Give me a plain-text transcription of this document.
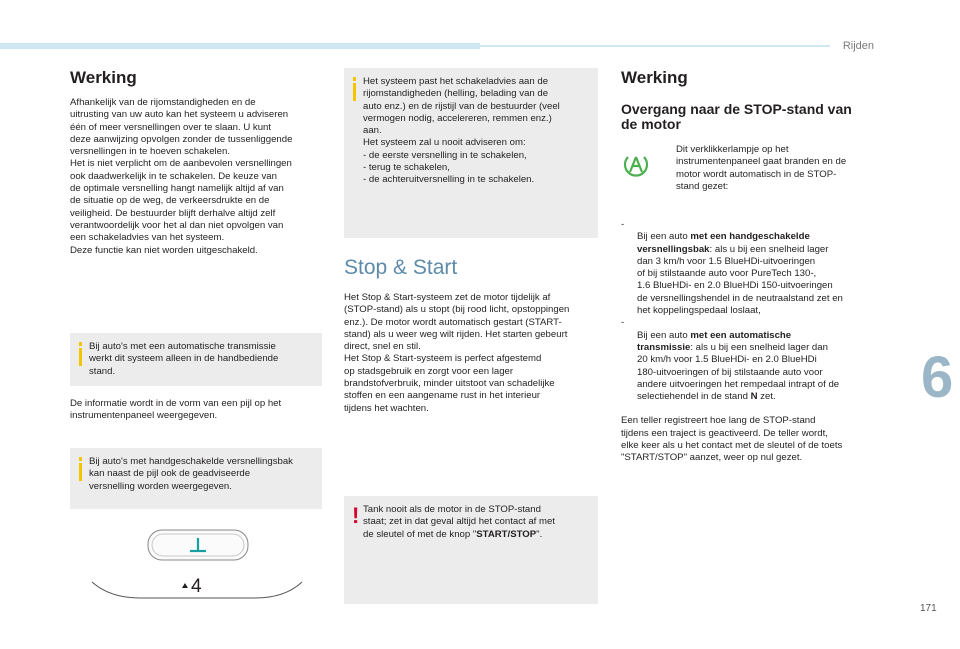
Rijden
6
171
Werking

Afhankelijk van de rijomstandigheden en de
uitrusting van uw auto kan het systeem u adviseren
één of meer versnellingen over te slaan. U kunt
deze aanwijzing opvolgen zonder de tussenliggende
versnellingen in te hoeven schakelen.
Het is niet verplicht om de aanbevolen versnellingen
ook daadwerkelijk in te schakelen. De keuze van
de optimale versnelling hangt namelijk altijd af van
de situatie op de weg, de verkeersdrukte en de
veiligheid. De bestuurder blijft derhalve altijd zelf
verantwoordelijk voor het al dan niet opvolgen van
een schakeladvies van het systeem.
Deze functie kan niet worden uitgeschakeld.

Bij auto's met een automatische transmissie
werkt dit systeem alleen in de handbediende
stand.

De informatie wordt in de vorm van een pijl op het
instrumentenpaneel weergegeven.

Bij auto's met handgeschakelde versnellingsbak
kan naast de pijl ook de geadviseerde
versnelling worden weergegeven.

4

Het systeem past het schakeladvies aan de
rijomstandigheden (helling, belading van de
auto enz.) en de rijstijl van de bestuurder (veel
vermogen nodig, accelereren, remmen enz.)
aan.
Het systeem zal u nooit adviseren om:
- de eerste versnelling in te schakelen,
- terug te schakelen,
- de achteruitversnelling in te schakelen.

Stop & Start

Het Stop & Start-systeem zet de motor tijdelijk af
(STOP-stand) als u stopt (bij rood licht, opstoppingen
enz.). De motor wordt automatisch gestart (START-
stand) als u weer weg wilt rijden. Het starten gebeurt
direct, snel en stil.
Het Stop & Start-systeem is perfect afgestemd
op stadsgebruik en zorgt voor een lager
brandstofverbruik, minder uitstoot van schadelijke
stoffen en een aangename rust in het interieur
tijdens het wachten.

! Tank nooit als de motor in de STOP-stand
staat; zet in dat geval altijd het contact af met
de sleutel of met de knop "START/STOP".

Werking
Overgang naar de STOP-stand van
de motor

Dit verklikkerlampje op het
instrumentenpaneel gaat branden en de
motor wordt automatisch in de STOP-
stand gezet:

-
Bij een auto met een handgeschakelde
versnellingsbak: als u bij een snelheid lager
dan 3 km/h voor 1.5 BlueHDi-uitvoeringen
of bij stilstaande auto voor PureTech 130-,
1.6 BlueHDi- en 2.0 BlueHDi 150-uitvoeringen
de versnellingshendel in de neutraalstand zet en
het koppelingspedaal loslaat,

-
Bij een auto met een automatische
transmissie: als u bij een snelheid lager dan
20 km/h voor 1.5 BlueHDi- en 2.0 BlueHDi
180-uitvoeringen of bij stilstaande auto voor
andere uitvoeringen het rempedaal intrapt of de
selectiehendel in de stand N zet.

Een teller registreert hoe lang de STOP-stand
tijdens een traject is geactiveerd. De teller wordt,
elke keer als u het contact met de sleutel of de toets
"START/STOP" aanzet, weer op nul gezet.
